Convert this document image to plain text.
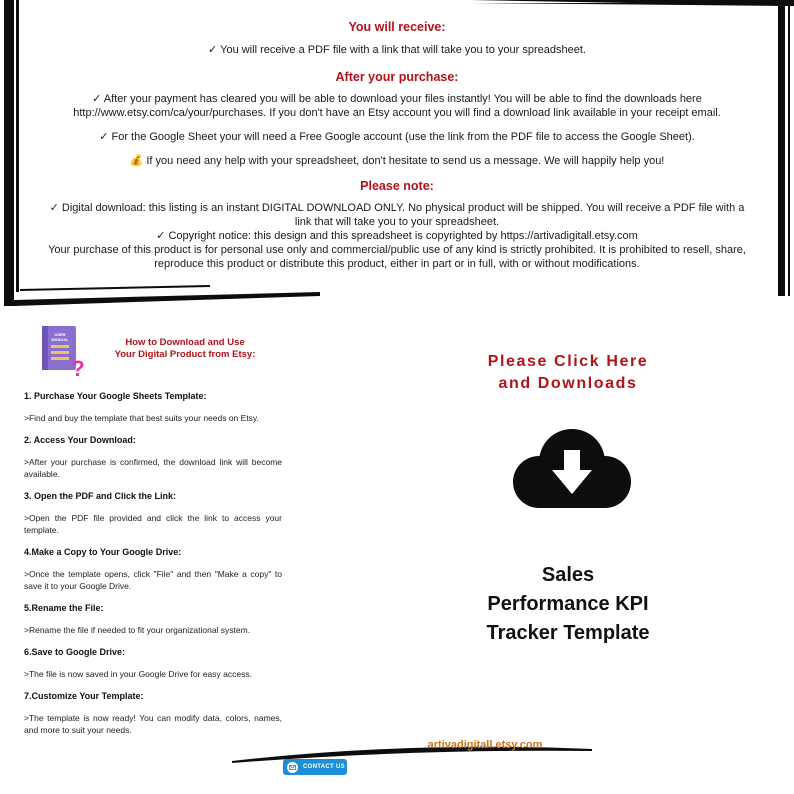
You will receive:

✓ You will receive a PDF file with a link that will take you to your spreadsheet.

After your purchase:

✓ After your payment has cleared you will be able to download your files instantly! You will be able to find the downloads here http://www.etsy.com/ca/your/purchases. If you don't have an Etsy account you will find a download link available in your receipt email.

✓ For the Google Sheet your will need a Free Google account (use the link from the PDF file to access the Google Sheet).

💰 If you need any help with your spreadsheet, don't hesitate to send us a message. We will happily help you!

Please note:

✓ Digital download: this listing is an instant DIGITAL DOWNLOAD ONLY. No physical product will be shipped. You will receive a PDF file with a link that will take you to your spreadsheet.

✓ Copyright notice: this design and this spreadsheet is copyrighted by https://artivadigitall.etsy.com

Your purchase of this product is for personal use only and commercial/public use of any kind is strictly prohibited. It is prohibited to resell, share, reproduce this product or distribute this product, either in part or in full, with or without modifications.

USER
MANUAL
?
How to Download and Use
Your Digital Product from Etsy:
1. Purchase Your Google Sheets Template:
>Find and buy the template that best suits your needs on Etsy.
2. Access Your Download:
>After your purchase is confirmed, the download link will become available.
3. Open the PDF and Click the Link:
>Open the PDF file provided and click the link to access your template.
4.Make a Copy to Your Google Drive:
>Once the template opens, click "File" and then "Make a copy" to save it to your Google Drive.
5.Rename the File:
>Rename the file if needed to fit your organizational system.
6.Save to Google Drive:
>The file is now saved in your Google Drive for easy access.
7.Customize Your Template:
>The template is now ready! You can modify data, colors, names, and more to suit your needs.
Please Click Here
and Downloads
Sales
Performance KPI
Tracker Template
artivadigitall.etsy.com
CONTACT US
